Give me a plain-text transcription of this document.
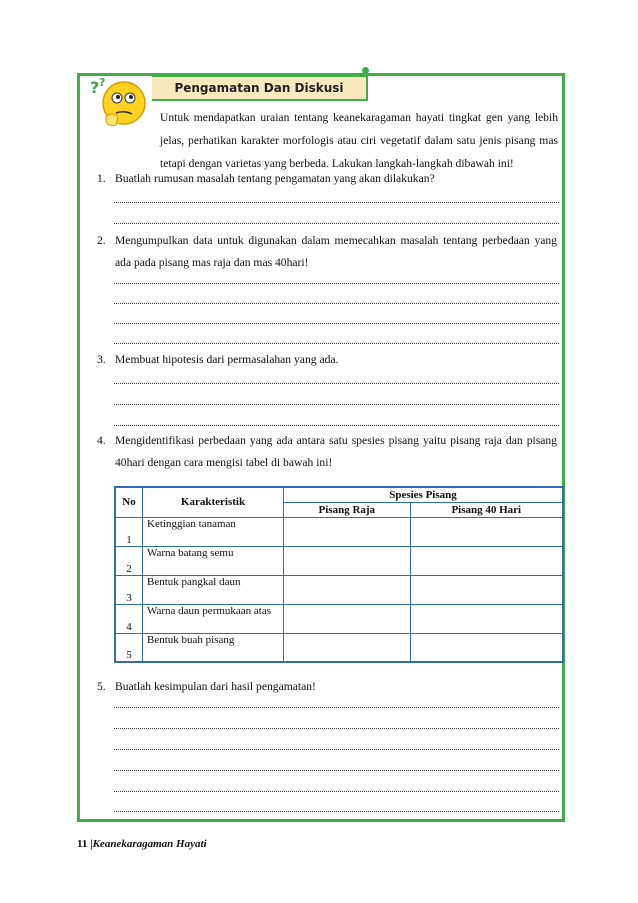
? ?	Pengamatan Dan Diskusi
Untuk mendapatkan uraian tentang keanekaragaman hayati tingkat gen yang lebih jelas, perhatikan karakter morfologis atau ciri vegetatif dalam satu jenis pisang mas tetapi dengan varietas yang berbeda. Lakukan langkah-langkah dibawah ini!
1. Buatlah rumusan masalah tentang pengamatan yang akan dilakukan?
2. Mengumpulkan data untuk digunakan dalam memecahkan masalah tentang perbedaan yang ada pada pisang mas raja dan mas 40hari!
3. Membuat hipotesis dari permasalahan yang ada.
4. Mengidentifikasi perbedaan yang ada antara satu spesies pisang yaitu pisang raja dan pisang 40hari dengan cara mengisi tabel di bawah ini!
No	Karakteristik	Spesies Pisang	
		Pisang Raja	Pisang 40 Hari
1	Ketinggian tanaman		
2	Warna batang semu		
3	Bentuk pangkal daun		
4	Warna daun permukaan atas		
5	Bentuk buah pisang		
5. Buatlah kesimpulan dari hasil pengamatan!
11 |Keanekaragaman Hayati
